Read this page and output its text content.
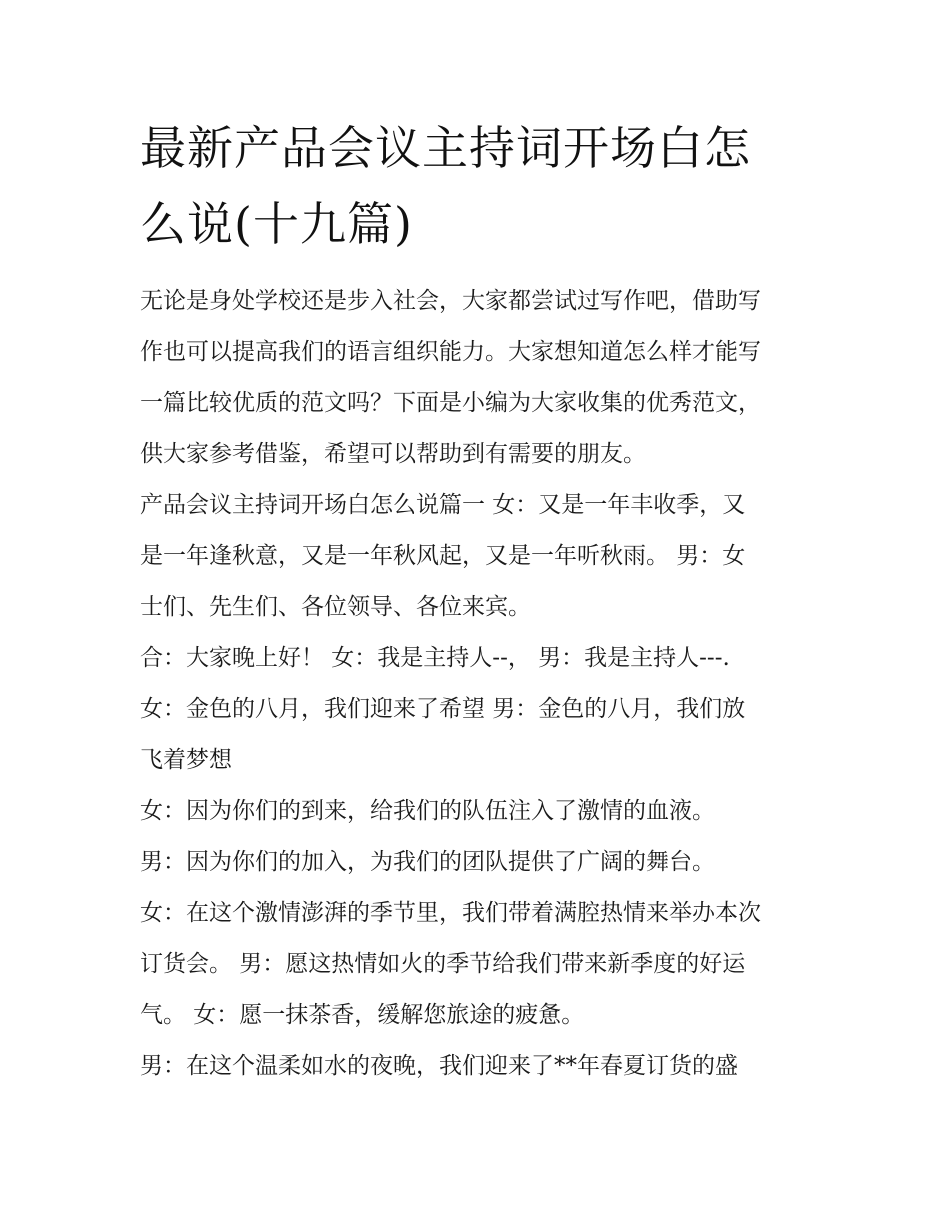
最新产品会议主持词开场白怎
么说(十九篇)

无论是身处学校还是步入社会，大家都尝试过写作吧，借助写

作也可以提高我们的语言组织能力。大家想知道怎么样才能写

一篇比较优质的范文吗？下面是小编为大家收集的优秀范文，

供大家参考借鉴，希望可以帮助到有需要的朋友。

产品会议主持词开场白怎么说篇一 女：又是一年丰收季，又

是一年逢秋意，又是一年秋风起，又是一年听秋雨。 男：女

士们、先生们、各位领导、各位来宾。

合：大家晚上好！ 女：我是主持人--， 男：我是主持人---.

女：金色的八月，我们迎来了希望 男：金色的八月，我们放

飞着梦想

女：因为你们的到来，给我们的队伍注入了激情的血液。

男：因为你们的加入，为我们的团队提供了广阔的舞台。

女：在这个激情澎湃的季节里，我们带着满腔热情来举办本次

订货会。 男：愿这热情如火的季节给我们带来新季度的好运

气。 女：愿一抹茶香，缓解您旅途的疲惫。

男：在这个温柔如水的夜晚，我们迎来了**年春夏订货的盛
